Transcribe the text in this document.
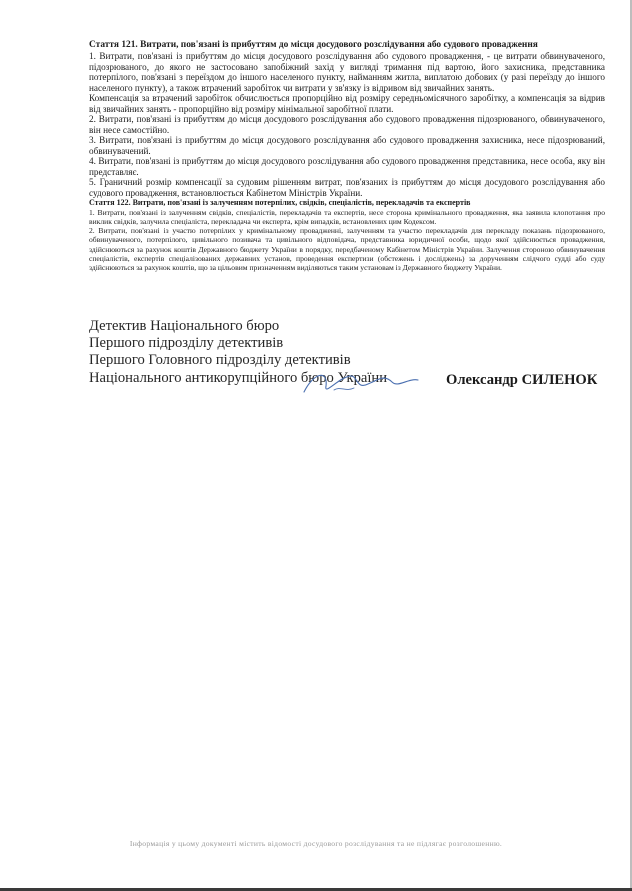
Стаття 121. Витрати, пов'язані із прибуттям до місця досудового розслідування або судового провадження

1. Витрати, пов'язані із прибуттям до місця досудового розслідування або судового провадження, - це витрати обвинуваченого, підозрюваного, до якого не застосовано запобіжний захід у вигляді тримання під вартою, його захисника, представника потерпілого, пов'язані з переїздом до іншого населеного пункту, найманням житла, виплатою добових (у разі переїзду до іншого населеного пункту), а також втрачений заробіток чи витрати у зв'язку із відривом від звичайних занять.

Компенсація за втрачений заробіток обчислюється пропорційно від розміру середньомісячного заробітку, а компенсація за відрив від звичайних занять - пропорційно від розміру мінімальної заробітної плати.

2. Витрати, пов'язані із прибуттям до місця досудового розслідування або судового провадження підозрюваного, обвинуваченого, він несе самостійно.

3. Витрати, пов'язані із прибуттям до місця досудового розслідування або судового провадження захисника, несе підозрюваний, обвинувачений.

4. Витрати, пов'язані із прибуттям до місця досудового розслідування або судового провадження представника, несе особа, яку він представляє.

5. Граничний розмір компенсації за судовим рішенням витрат, пов'язаних із прибуттям до місця досудового розслідування або судового провадження, встановлюється Кабінетом Міністрів України.

Стаття 122. Витрати, пов'язані із залученням потерпілих, свідків, спеціалістів, перекладачів та експертів

1. Витрати, пов'язані із залученням свідків, спеціалістів, перекладачів та експертів, несе сторона кримінального провадження, яка заявила клопотання про виклик свідків, залучила спеціаліста, перекладача чи експерта, крім випадків, встановлених цим Кодексом.

2. Витрати, пов'язані із участю потерпілих у кримінальному провадженні, залученням та участю перекладачів для перекладу показань підозрюваного, обвинуваченого, потерпілого, цивільного позивача та цивільного відповідача, представника юридичної особи, щодо якої здійснюється провадження, здійснюються за рахунок коштів Державного бюджету України в порядку, передбаченому Кабінетом Міністрів України. Залучення стороною обвинувачення спеціалістів, експертів спеціалізованих державних установ, проведення експертизи (обстежень і досліджень) за дорученням слідчого судді або суду здійснюються за рахунок коштів, що за цільовим призначенням виділяються таким установам із Державного бюджету України.

Детектив Національного бюро
Першого підрозділу детективів
Першого Головного підрозділу детективів
Національного антикорупційного бюро України	Олександр СИЛЕНОК
Інформація у цьому документі містить відомості досудового розслідування та не підлягає розголошенню.
